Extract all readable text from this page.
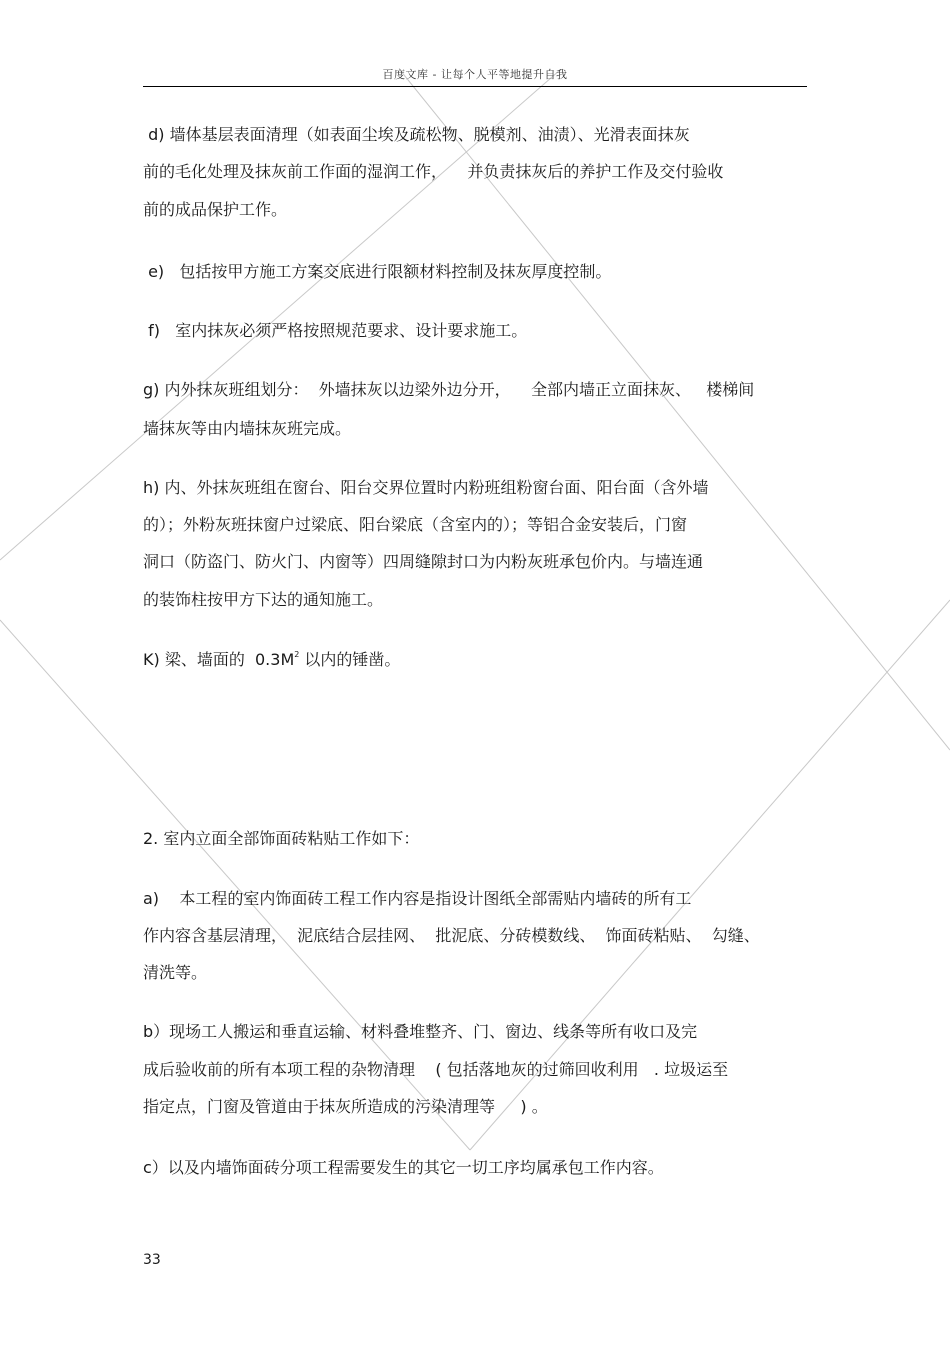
百度文库 - 让每个人平等地提升自我
d) 墙体基层表面清理（如表面尘埃及疏松物、脱模剂、油渍）、光滑表面抹灰
前的毛化处理及抹灰前工作面的湿润工作，    并负责抹灰后的养护工作及交付验收
前的成品保护工作。
e)   包括按甲方施工方案交底进行限额材料控制及抹灰厚度控制。
f)   室内抹灰必须严格按照规范要求、设计要求施工。
g) 内外抹灰班组划分：  外墙抹灰以边梁外边分开，    全部内墙正立面抹灰、   楼梯间
墙抹灰等由内墙抹灰班完成。
h) 内、外抹灰班组在窗台、阳台交界位置时内粉班组粉窗台面、阳台面（含外墙
的）；外粉灰班抹窗户过梁底、阳台梁底（含室内的）；等铝合金安装后，门窗
洞口（防盗门、防火门、内窗等）四周缝隙封口为内粉灰班承包价内。与墙连通
的装饰柱按甲方下达的通知施工。
K) 梁、墙面的  $0.3M^2$ 以内的锤凿。
2. 室内立面全部饰面砖粘贴工作如下：
a)    本工程的室内饰面砖工程工作内容是指设计图纸全部需贴内墙砖的所有工
作内容含基层清理，  泥底结合层挂网、  批泥底、分砖模数线、  饰面砖粘贴、  勾缝、
清洗等。
b）现场工人搬运和垂直运输、材料叠堆整齐、门、窗边、线条等所有收口及完
成后验收前的所有本项工程的杂物清理    ( 包括落地灰的过筛回收利用   . 垃圾运至
指定点，门窗及管道由于抹灰所造成的污染清理等     ) 。
c）以及内墙饰面砖分项工程需要发生的其它一切工序均属承包工作内容。
33
